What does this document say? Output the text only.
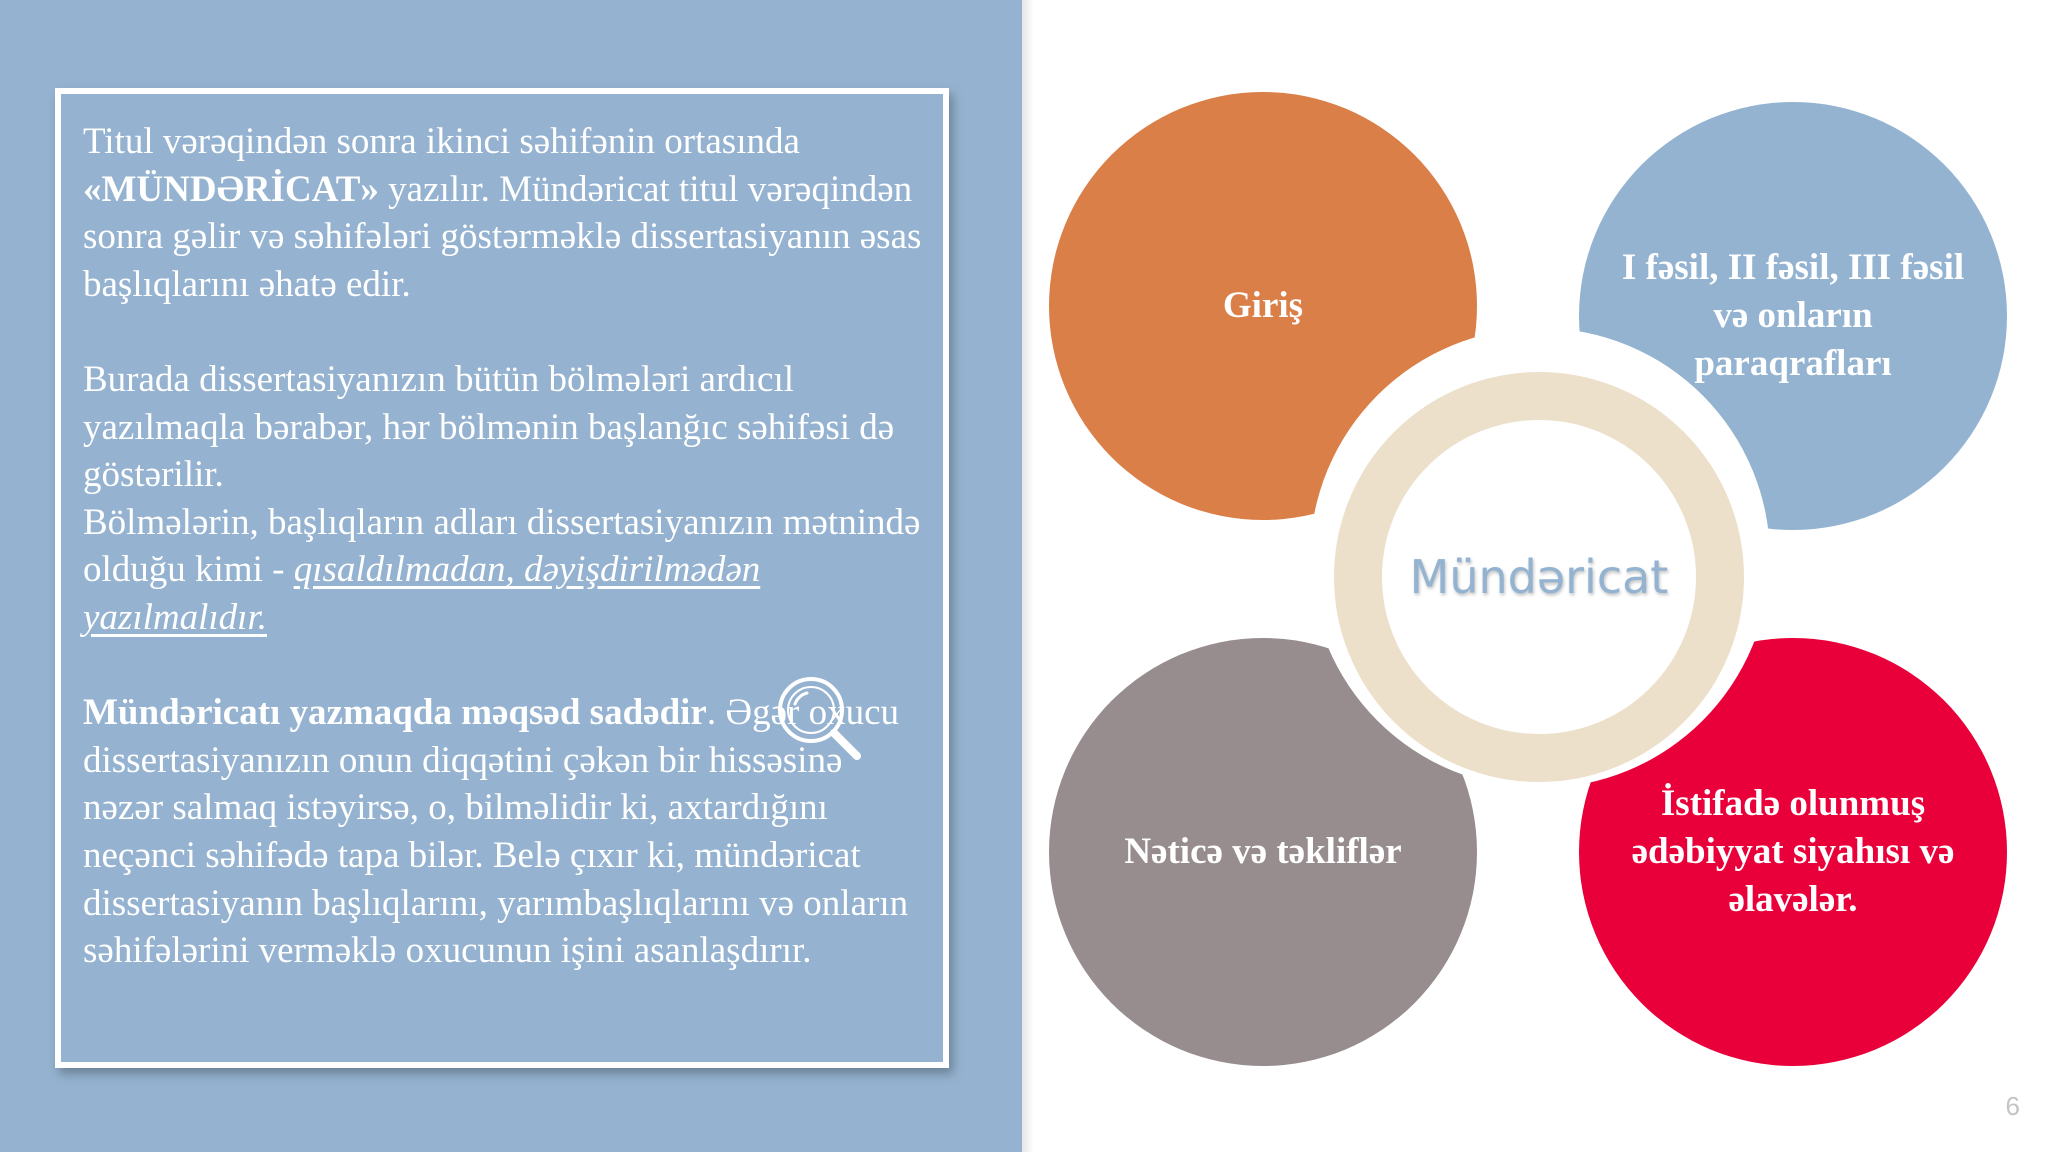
Titul vərəqindən sonra ikinci səhifənin ortasında «MÜNDƏRİCAT» yazılır. Mündəricat titul vərəqindən sonra gəlir və səhifələri göstərməklə dissertasiyanın əsas başlıqlarını əhatə edir.

Burada dissertasiyanızın bütün bölmələri ardıcıl yazılmaqla bərabər, hər bölmənin başlanğıc səhifəsi də göstərilir.

Bölmələrin, başlıqların adları dissertasiyanızın mətnində olduğu kimi - qısaldılmadan, dəyişdirilmədən yazılmalıdır.

Mündəricatı yazmaqda məqsəd sadədir. Əgər oxucu dissertasiyanızın onun diqqətini çəkən bir hissəsinə nəzər salmaq istəyirsə, o, bilməlidir ki, axtardığını neçənci səhifədə tapa bilər. Belə çıxır ki, mündəricat dissertasiyanın başlıqlarını, yarımbaşlıqlarını və onların səhifələrini verməklə oxucunun işini asanlaşdırır.

Giriş
I fəsil, II fəsil, III fəsil və onların paraqrafları
Nəticə və təkliflər
İstifadə olunmuş ədəbiyyat siyahısı və əlavələr.
Mündəricat
6
